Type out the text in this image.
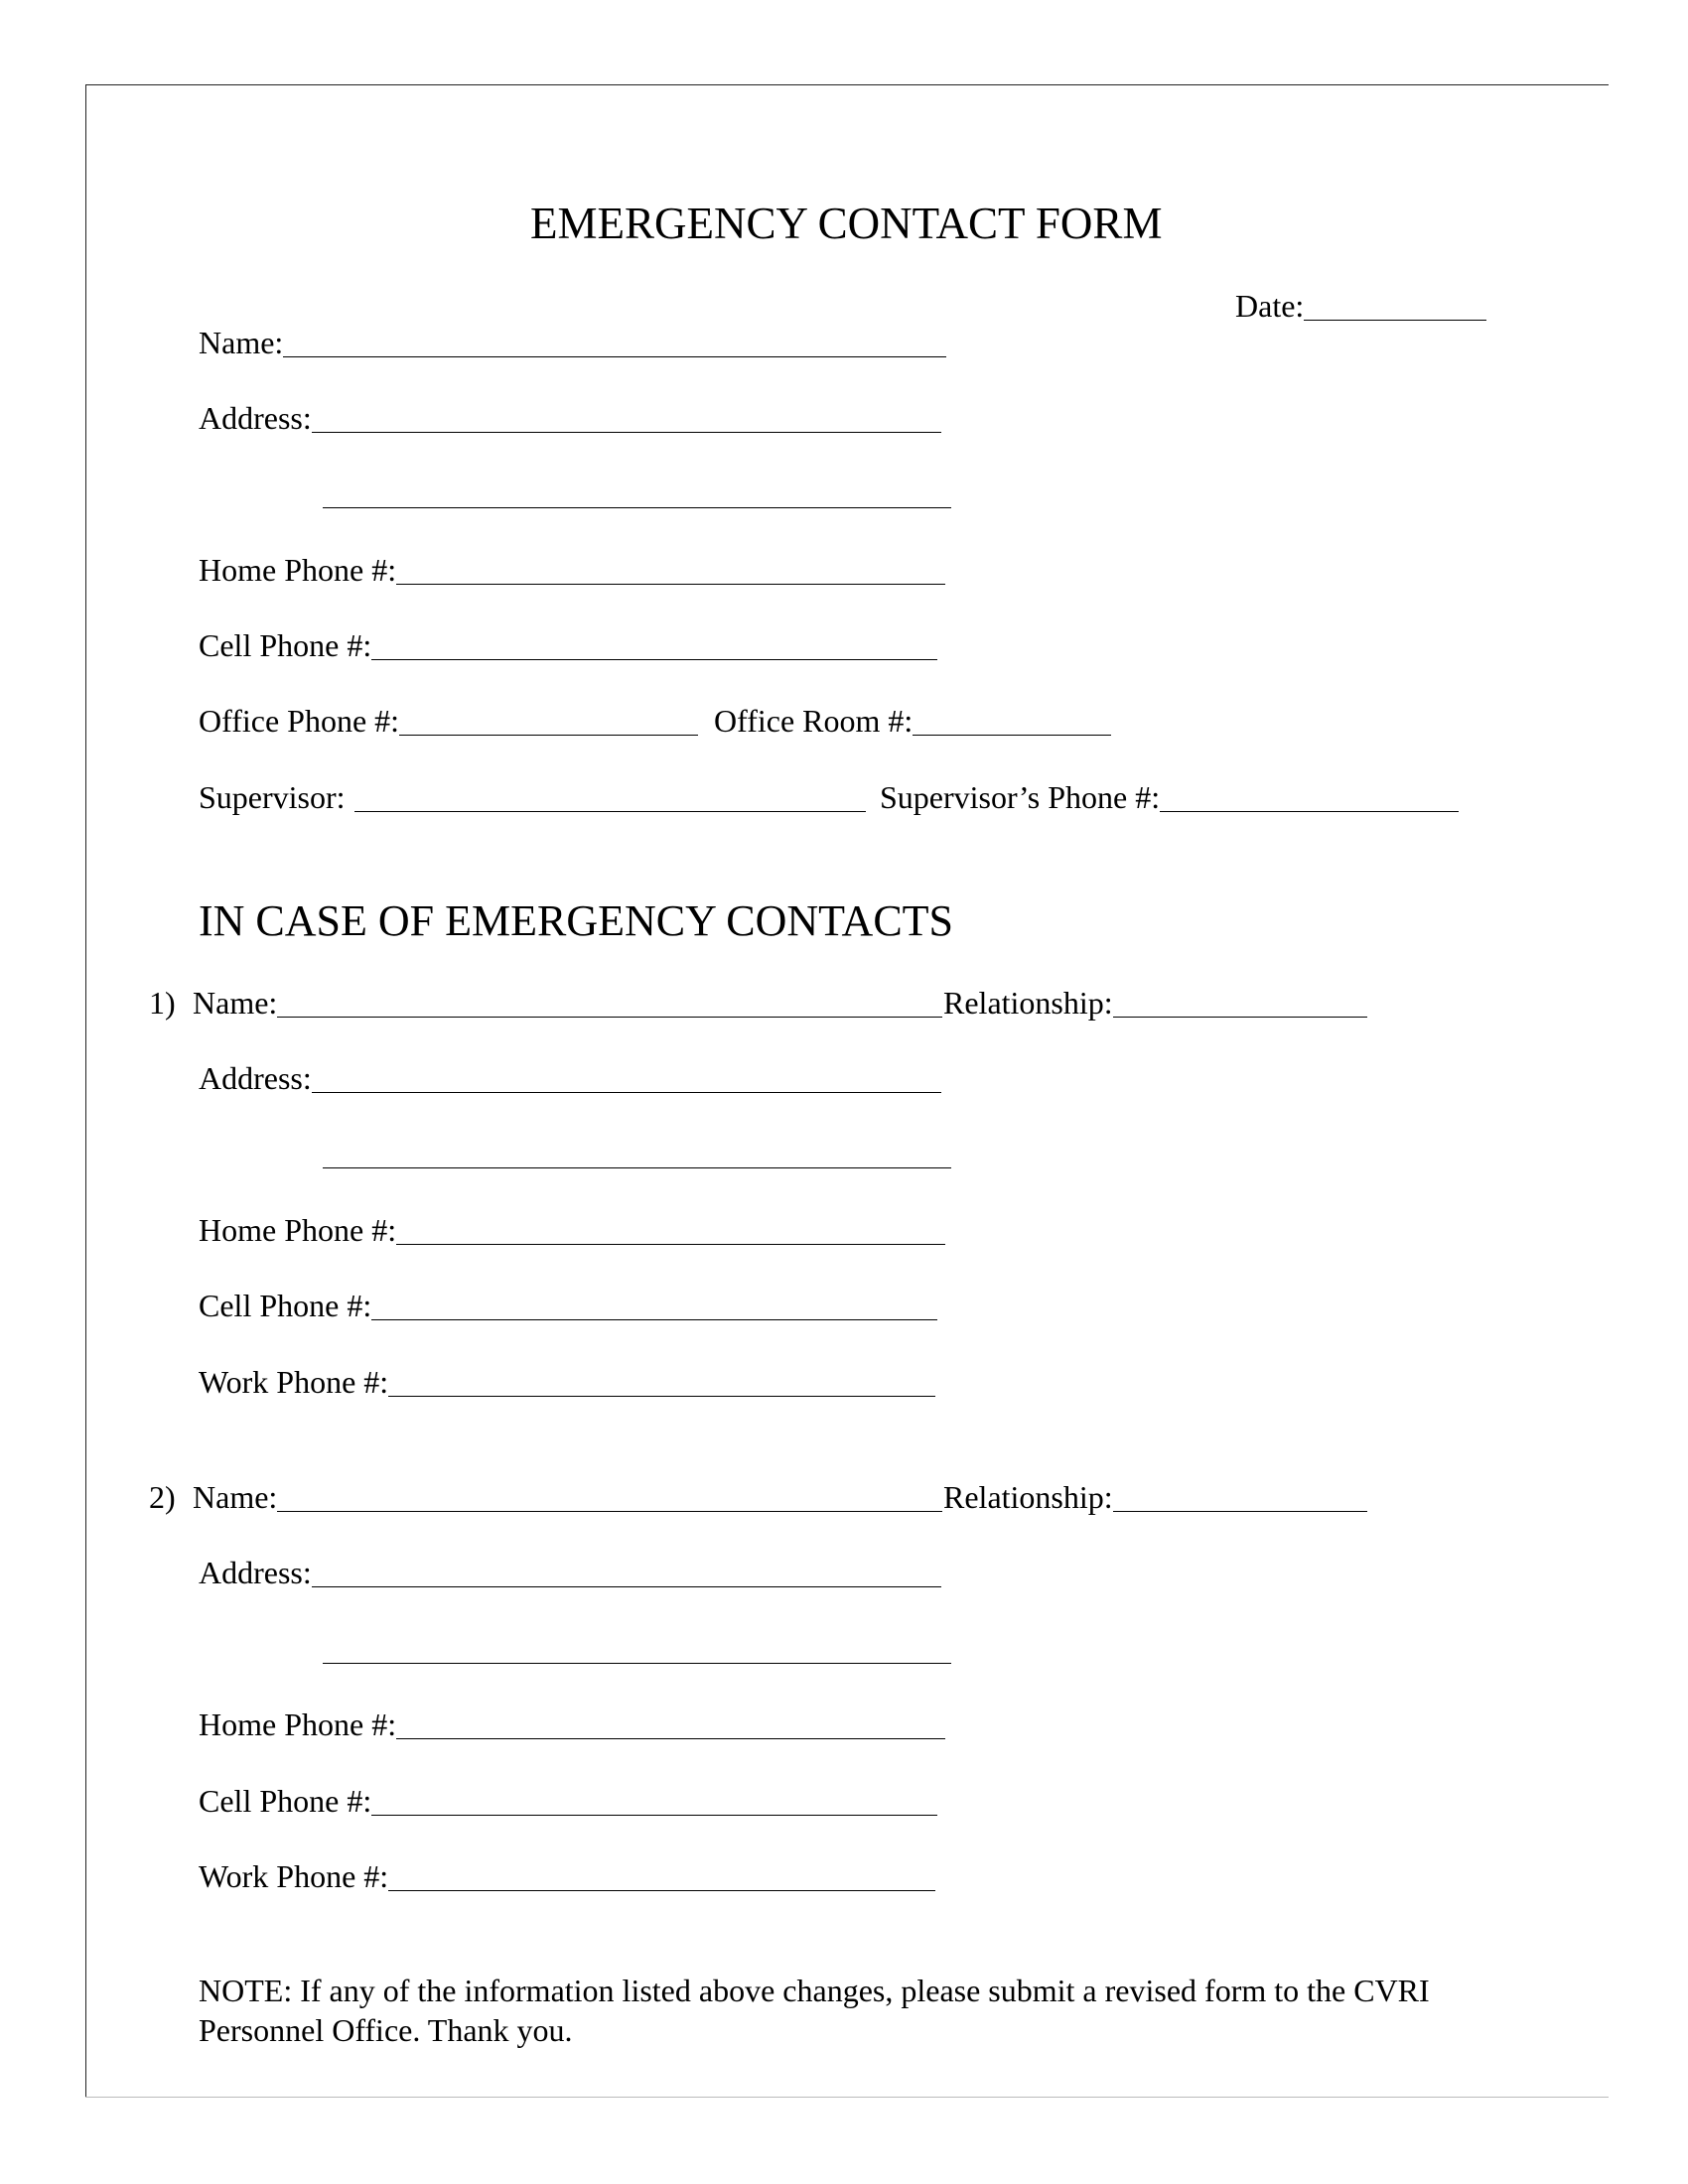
EMERGENCY CONTACT FORM
Date:
Name:
Address:
Home Phone #:
Cell Phone #:
Office Phone #:	Office Room #:
Supervisor:	Supervisor’s Phone #:
IN CASE OF EMERGENCY CONTACTS
1) Name:	Relationship:
Address:
Home Phone #:
Cell Phone #:
Work Phone #:
2) Name:	Relationship:
Address:
Home Phone #:
Cell Phone #:
Work Phone #:
NOTE: If any of the information listed above changes, please submit a revised form to the CVRI Personnel Office. Thank you.
